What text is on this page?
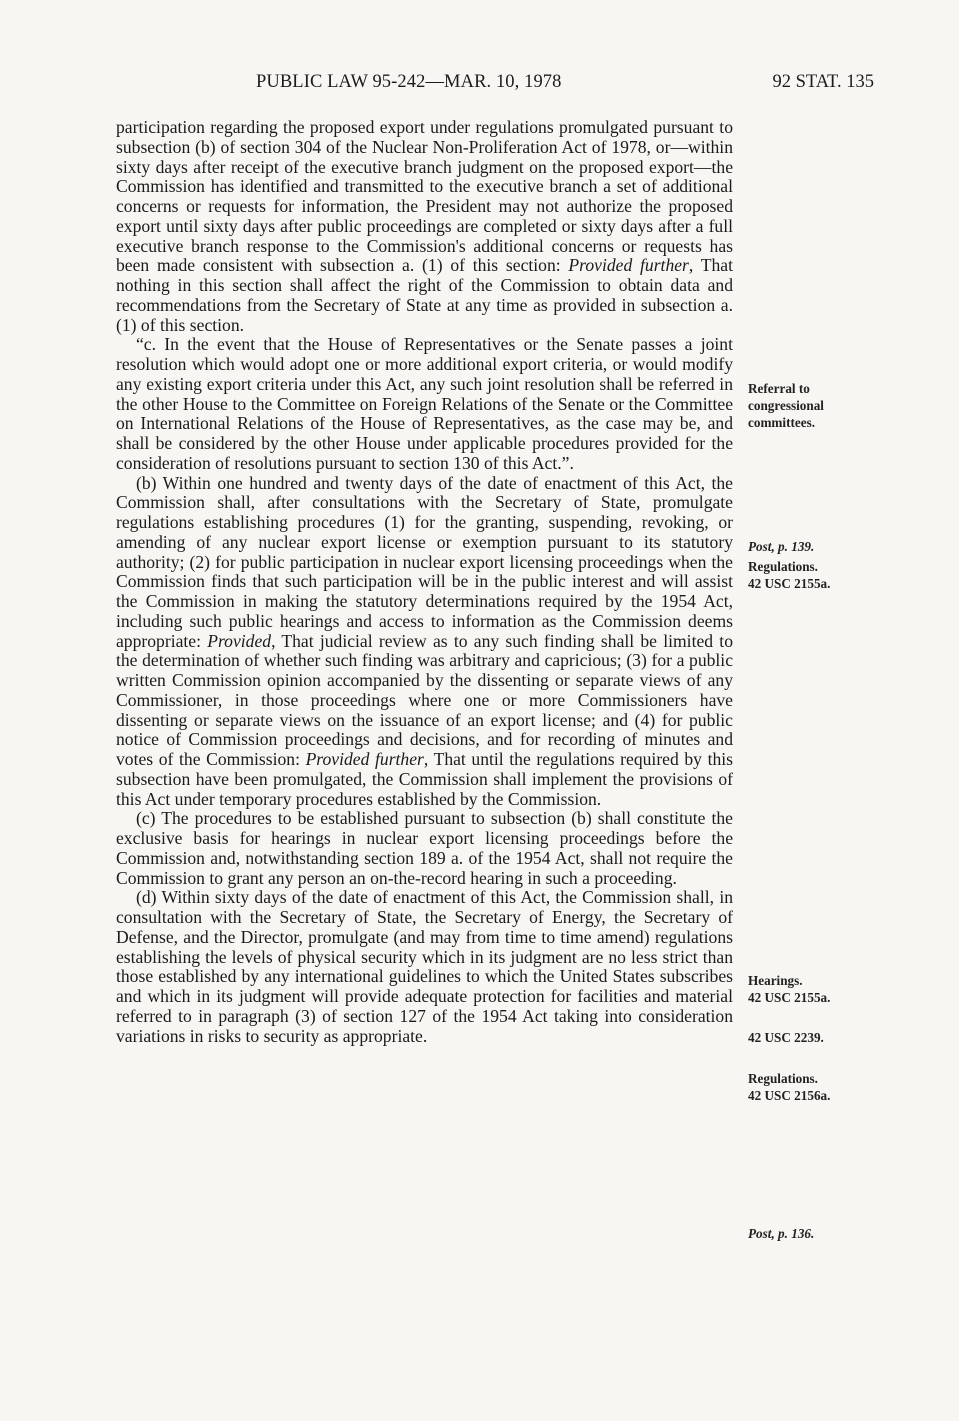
PUBLIC LAW 95-242—MAR. 10, 1978	92 STAT. 135

participation regarding the proposed export under regulations promulgated pursuant to subsection (b) of section 304 of the Nuclear Non-Proliferation Act of 1978, or—within sixty days after receipt of the executive branch judgment on the proposed export—the Commission has identified and transmitted to the executive branch a set of additional concerns or requests for information, the President may not authorize the proposed export until sixty days after public proceedings are completed or sixty days after a full executive branch response to the Commission's additional concerns or requests has been made consistent with subsection a. (1) of this section: Provided further, That nothing in this section shall affect the right of the Commission to obtain data and recommendations from the Secretary of State at any time as provided in subsection a. (1) of this section.

“c. In the event that the House of Representatives or the Senate passes a joint resolution which would adopt one or more additional export criteria, or would modify any existing export criteria under this Act, any such joint resolution shall be referred in the other House to the Committee on Foreign Relations of the Senate or the Committee on International Relations of the House of Representatives, as the case may be, and shall be considered by the other House under applicable procedures provided for the consideration of resolutions pursuant to section 130 of this Act.”.

(b) Within one hundred and twenty days of the date of enactment of this Act, the Commission shall, after consultations with the Secretary of State, promulgate regulations establishing procedures (1) for the granting, suspending, revoking, or amending of any nuclear export license or exemption pursuant to its statutory authority; (2) for public participation in nuclear export licensing proceedings when the Commission finds that such participation will be in the public interest and will assist the Commission in making the statutory determinations required by the 1954 Act, including such public hearings and access to information as the Commission deems appropriate: Provided, That judicial review as to any such finding shall be limited to the determination of whether such finding was arbitrary and capricious; (3) for a public written Commission opinion accompanied by the dissenting or separate views of any Commissioner, in those proceedings where one or more Commissioners have dissenting or separate views on the issuance of an export license; and (4) for public notice of Commission proceedings and decisions, and for recording of minutes and votes of the Commission: Provided further, That until the regulations required by this subsection have been promulgated, the Commission shall implement the provisions of this Act under temporary procedures established by the Commission.

(c) The procedures to be established pursuant to subsection (b) shall constitute the exclusive basis for hearings in nuclear export licensing proceedings before the Commission and, notwithstanding section 189 a. of the 1954 Act, shall not require the Commission to grant any person an on-the-record hearing in such a proceeding.

(d) Within sixty days of the date of enactment of this Act, the Commission shall, in consultation with the Secretary of State, the Secretary of Energy, the Secretary of Defense, and the Director, promulgate (and may from time to time amend) regulations establishing the levels of physical security which in its judgment are no less strict than those established by any international guidelines to which the United States subscribes and which in its judgment will provide adequate protection for facilities and material referred to in paragraph (3) of section 127 of the 1954 Act taking into consideration variations in risks to security as appropriate.

Referral to congressional committees.
Post, p. 139.
Regulations.
42 USC 2155a.
Hearings.
42 USC 2155a.
42 USC 2239.
Regulations.
42 USC 2156a.
Post, p. 136.
